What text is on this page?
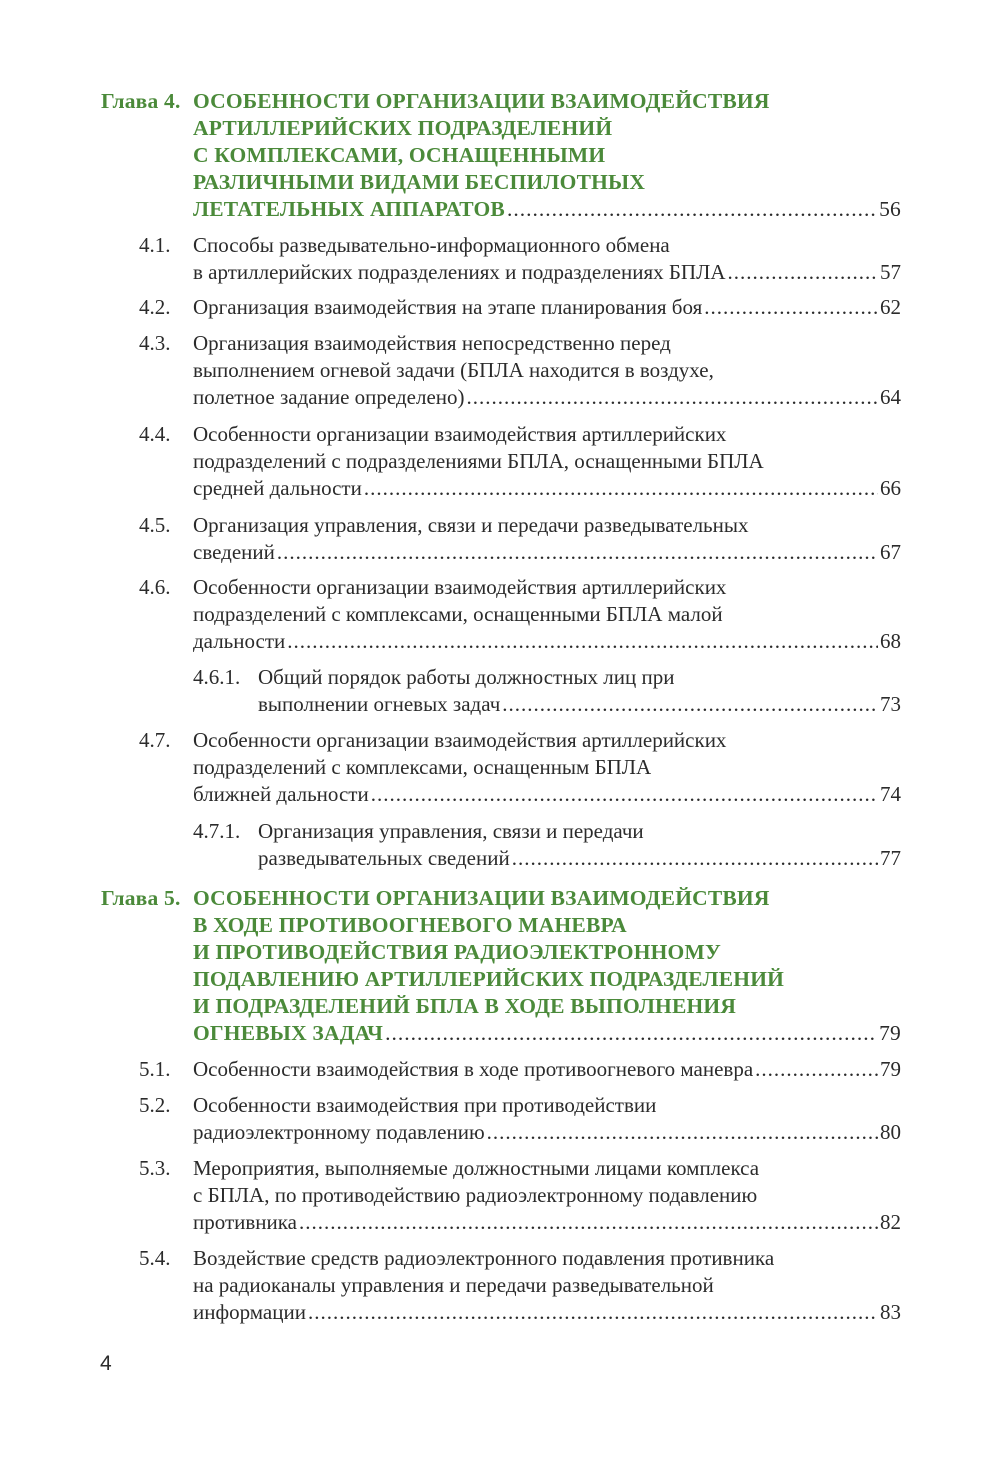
Глава 4. ОСОБЕННОСТИ ОРГАНИЗАЦИИ ВЗАИМОДЕЙСТВИЯ
АРТИЛЛЕРИЙСКИХ ПОДРАЗДЕЛЕНИЙ
С КОМПЛЕКСАМИ, ОСНАЩЕННЫМИ
РАЗЛИЧНЫМИ ВИДАМИ БЕСПИЛОТНЫХ
ЛЕТАТЕЛЬНЫХ АППАРАТОВ .....	56
4.1. Способы разведывательно-информационного обмена
в артиллерийских подразделениях и подразделениях БПЛА .....	57
4.2. Организация взаимодействия на этапе планирования боя .....	62
4.3. Организация взаимодействия непосредственно перед
выполнением огневой задачи (БПЛА находится в воздухе,
полетное задание определено) .....	64
4.4. Особенности организации взаимодействия артиллерийских
подразделений с подразделениями БПЛА, оснащенными БПЛА
средней дальности .....	66
4.5. Организация управления, связи и передачи разведывательных
сведений .....	67
4.6. Особенности организации взаимодействия артиллерийских
подразделений с комплексами, оснащенными БПЛА малой
дальности .....	68
4.6.1. Общий порядок работы должностных лиц при
выполнении огневых задач .....	73
4.7. Особенности организации взаимодействия артиллерийских
подразделений с комплексами, оснащенным БПЛА
ближней дальности .....	74
4.7.1. Организация управления, связи и передачи
разведывательных сведений .....	77
Глава 5. ОСОБЕННОСТИ ОРГАНИЗАЦИИ ВЗАИМОДЕЙСТВИЯ
В ХОДЕ ПРОТИВООГНЕВОГО МАНЕВРА
И ПРОТИВОДЕЙСТВИЯ РАДИОЭЛЕКТРОННОМУ
ПОДАВЛЕНИЮ АРТИЛЛЕРИЙСКИХ ПОДРАЗДЕЛЕНИЙ
И ПОДРАЗДЕЛЕНИЙ БПЛА В ХОДЕ ВЫПОЛНЕНИЯ
ОГНЕВЫХ ЗАДАЧ .....	79
5.1. Особенности взаимодействия в ходе противоогневого маневра .....	79
5.2. Особенности взаимодействия при противодействии
радиоэлектронному подавлению .....	80
5.3. Мероприятия, выполняемые должностными лицами комплекса
с БПЛА, по противодействию радиоэлектронному подавлению
противника .....	82
5.4. Воздействие средств радиоэлектронного подавления противника
на радиоканалы управления и передачи разведывательной
информации .....	83
4
